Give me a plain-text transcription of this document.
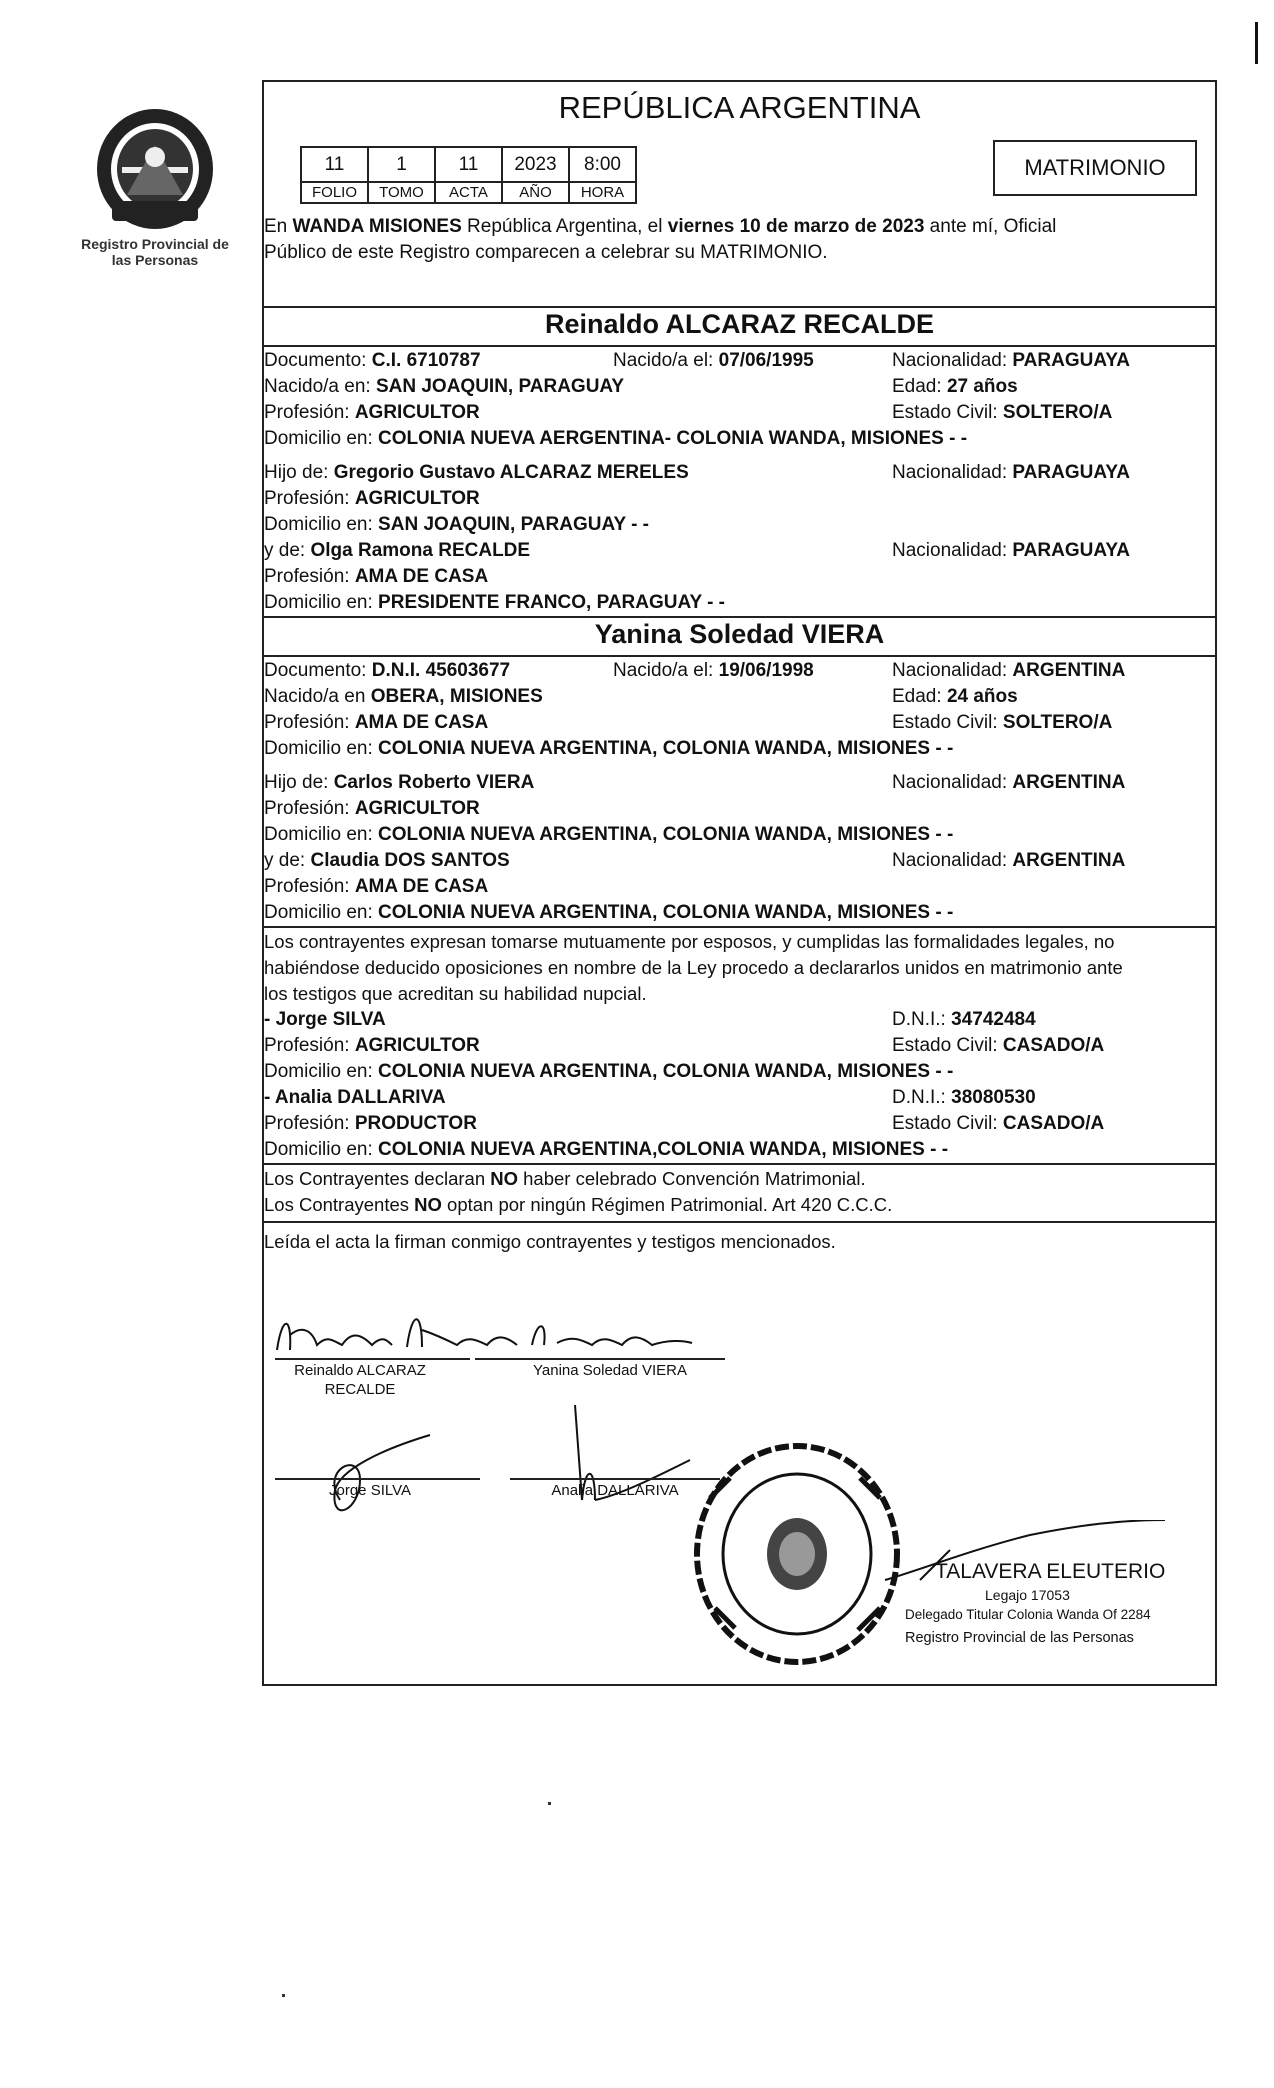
Registro Provincial de las Personas
REPÚBLICA ARGENTINA
11	1	11	2023	8:00
FOLIO	TOMO	ACTA	AÑO	HORA
MATRIMONIO
En WANDA MISIONES República Argentina, el viernes 10 de marzo de 2023 ante mí, Oficial
Público de este Registro comparecen a celebrar su MATRIMONIO.
Reinaldo ALCARAZ RECALDE
Documento: C.I. 6710787	Nacido/a el: 07/06/1995	Nacionalidad: PARAGUAYA
Nacido/a en: SAN JOAQUIN, PARAGUAY	Edad: 27 años
Profesión: AGRICULTOR	Estado Civil: SOLTERO/A
Domicilio en: COLONIA NUEVA AERGENTINA- COLONIA WANDA, MISIONES - -
Hijo de: Gregorio Gustavo ALCARAZ MERELES	Nacionalidad: PARAGUAYA
Profesión: AGRICULTOR
Domicilio en: SAN JOAQUIN, PARAGUAY - -
y de: Olga Ramona RECALDE	Nacionalidad: PARAGUAYA
Profesión: AMA DE CASA
Domicilio en: PRESIDENTE FRANCO, PARAGUAY - -
Yanina Soledad VIERA
Documento: D.N.I. 45603677	Nacido/a el: 19/06/1998	Nacionalidad: ARGENTINA
Nacido/a en OBERA, MISIONES	Edad: 24 años
Profesión: AMA DE CASA	Estado Civil: SOLTERO/A
Domicilio en: COLONIA NUEVA ARGENTINA, COLONIA WANDA, MISIONES - -
Hijo de: Carlos Roberto VIERA	Nacionalidad: ARGENTINA
Profesión: AGRICULTOR
Domicilio en: COLONIA NUEVA ARGENTINA, COLONIA WANDA, MISIONES - -
y de: Claudia DOS SANTOS	Nacionalidad: ARGENTINA
Profesión: AMA DE CASA
Domicilio en: COLONIA NUEVA ARGENTINA, COLONIA WANDA, MISIONES - -
Los contrayentes expresan tomarse mutuamente por esposos, y cumplidas las formalidades legales, no
habiéndose deducido oposiciones en nombre de la Ley procedo a declararlos unidos en matrimonio ante
los testigos que acreditan su habilidad nupcial.
- Jorge SILVA	D.N.I.: 34742484
Profesión: AGRICULTOR	Estado Civil: CASADO/A
Domicilio en: COLONIA NUEVA ARGENTINA, COLONIA WANDA, MISIONES - -
- Analia DALLARIVA	D.N.I.: 38080530
Profesión: PRODUCTOR	Estado Civil: CASADO/A
Domicilio en: COLONIA NUEVA ARGENTINA,COLONIA WANDA, MISIONES - -
Los Contrayentes declaran NO haber celebrado Convención Matrimonial.
Los Contrayentes NO optan por ningún Régimen Patrimonial. Art 420 C.C.C.
Leída el acta la firman conmigo contrayentes y testigos mencionados.
Reinaldo ALCARAZ
RECALDE
Yanina Soledad VIERA
Jorge SILVA	Analia DALLARIVA
TALAVERA ELEUTERIO
Legajo 17053
Delegado Titular Colonia Wanda Of 2284
Registro Provincial de las Personas
